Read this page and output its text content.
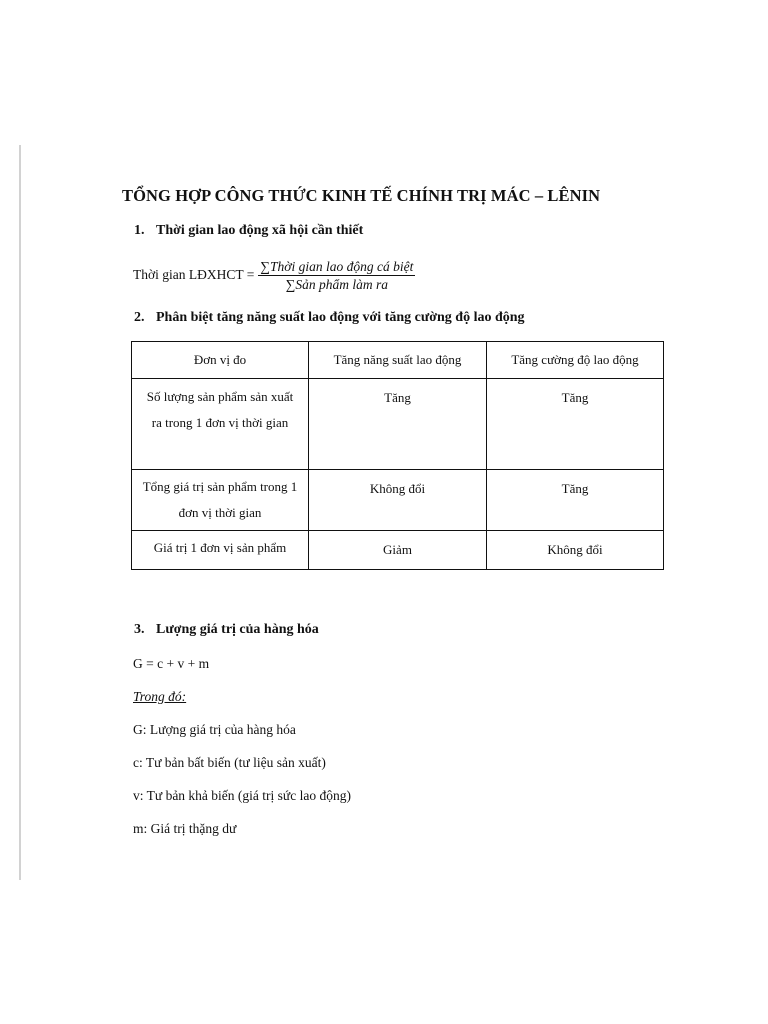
TỔNG HỢP CÔNG THỨC KINH TẾ CHÍNH TRỊ MÁC – LÊNIN
1. Thời gian lao động xã hội cần thiết
Thời gian LĐXHCT = $\frac{\text{∑Thời gian lao động cá biệt}}{\text{∑Sản phẩm làm ra}}$
2. Phân biệt tăng năng suất lao động với tăng cường độ lao động
Đơn vị đo	Tăng năng suất lao động	Tăng cường độ lao động
Số lượng sản phẩm sản xuất ra trong 1 đơn vị thời gian	Tăng	Tăng
Tổng giá trị sản phẩm trong 1 đơn vị thời gian	Không đổi	Tăng
Giá trị 1 đơn vị sản phẩm	Giảm	Không đổi
3. Lượng giá trị của hàng hóa
G = c + v + m
Trong đó:
G: Lượng giá trị của hàng hóa
c: Tư bản bất biến (tư liệu sản xuất)
v: Tư bản khả biến (giá trị sức lao động)
m: Giá trị thặng dư
